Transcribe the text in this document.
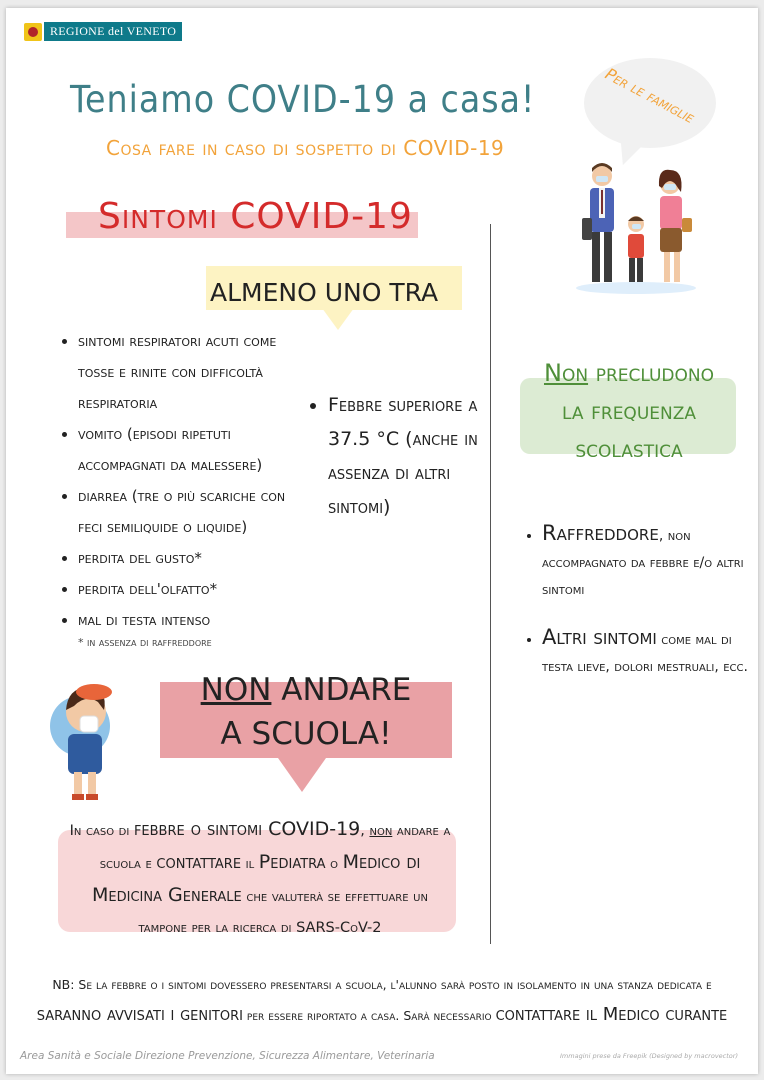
REGIONE del VENETO
Teniamo COVID-19 a casa!
Cosa fare in caso di sospetto di COVID-19
Per le famiglie
Sintomi COVID-19
ALMENO UNO TRA
• sintomi respiratori acuti come tosse e rinite con difficoltà respiratoria
• vomito (episodi ripetuti accompagnati da malessere)
• diarrea (tre o più scariche con feci semiliquide o liquide)
• perdita del gusto*
• perdita dell'olfatto*
• mal di testa intenso
* in assenza di raffreddore
• Febbre superiore a 37.5 °C (anche in assenza di altri sintomi)
Non precludono
la frequenza
scolastica
• Raffreddore, non accompagnato da febbre e/o altri sintomi
• Altri sintomi come mal di testa lieve, dolori mestruali, ecc.
NON ANDARE
A SCUOLA!
In caso di febbre o sintomi COVID-19, non andare a scuola e contattare il Pediatra o Medico di Medicina Generale che valuterà se effettuare un tampone per la ricerca di SARS-CoV-2
NB: Se la febbre o i sintomi dovessero presentarsi a scuola, l'alunno sarà posto in isolamento in una stanza dedicata e saranno avvisati i genitori per essere riportato a casa. Sarà necessario contattare il Medico curante
Area Sanità e Sociale Direzione Prevenzione, Sicurezza Alimentare, Veterinaria	Immagini prese da Freepik (Designed by macrovector)
